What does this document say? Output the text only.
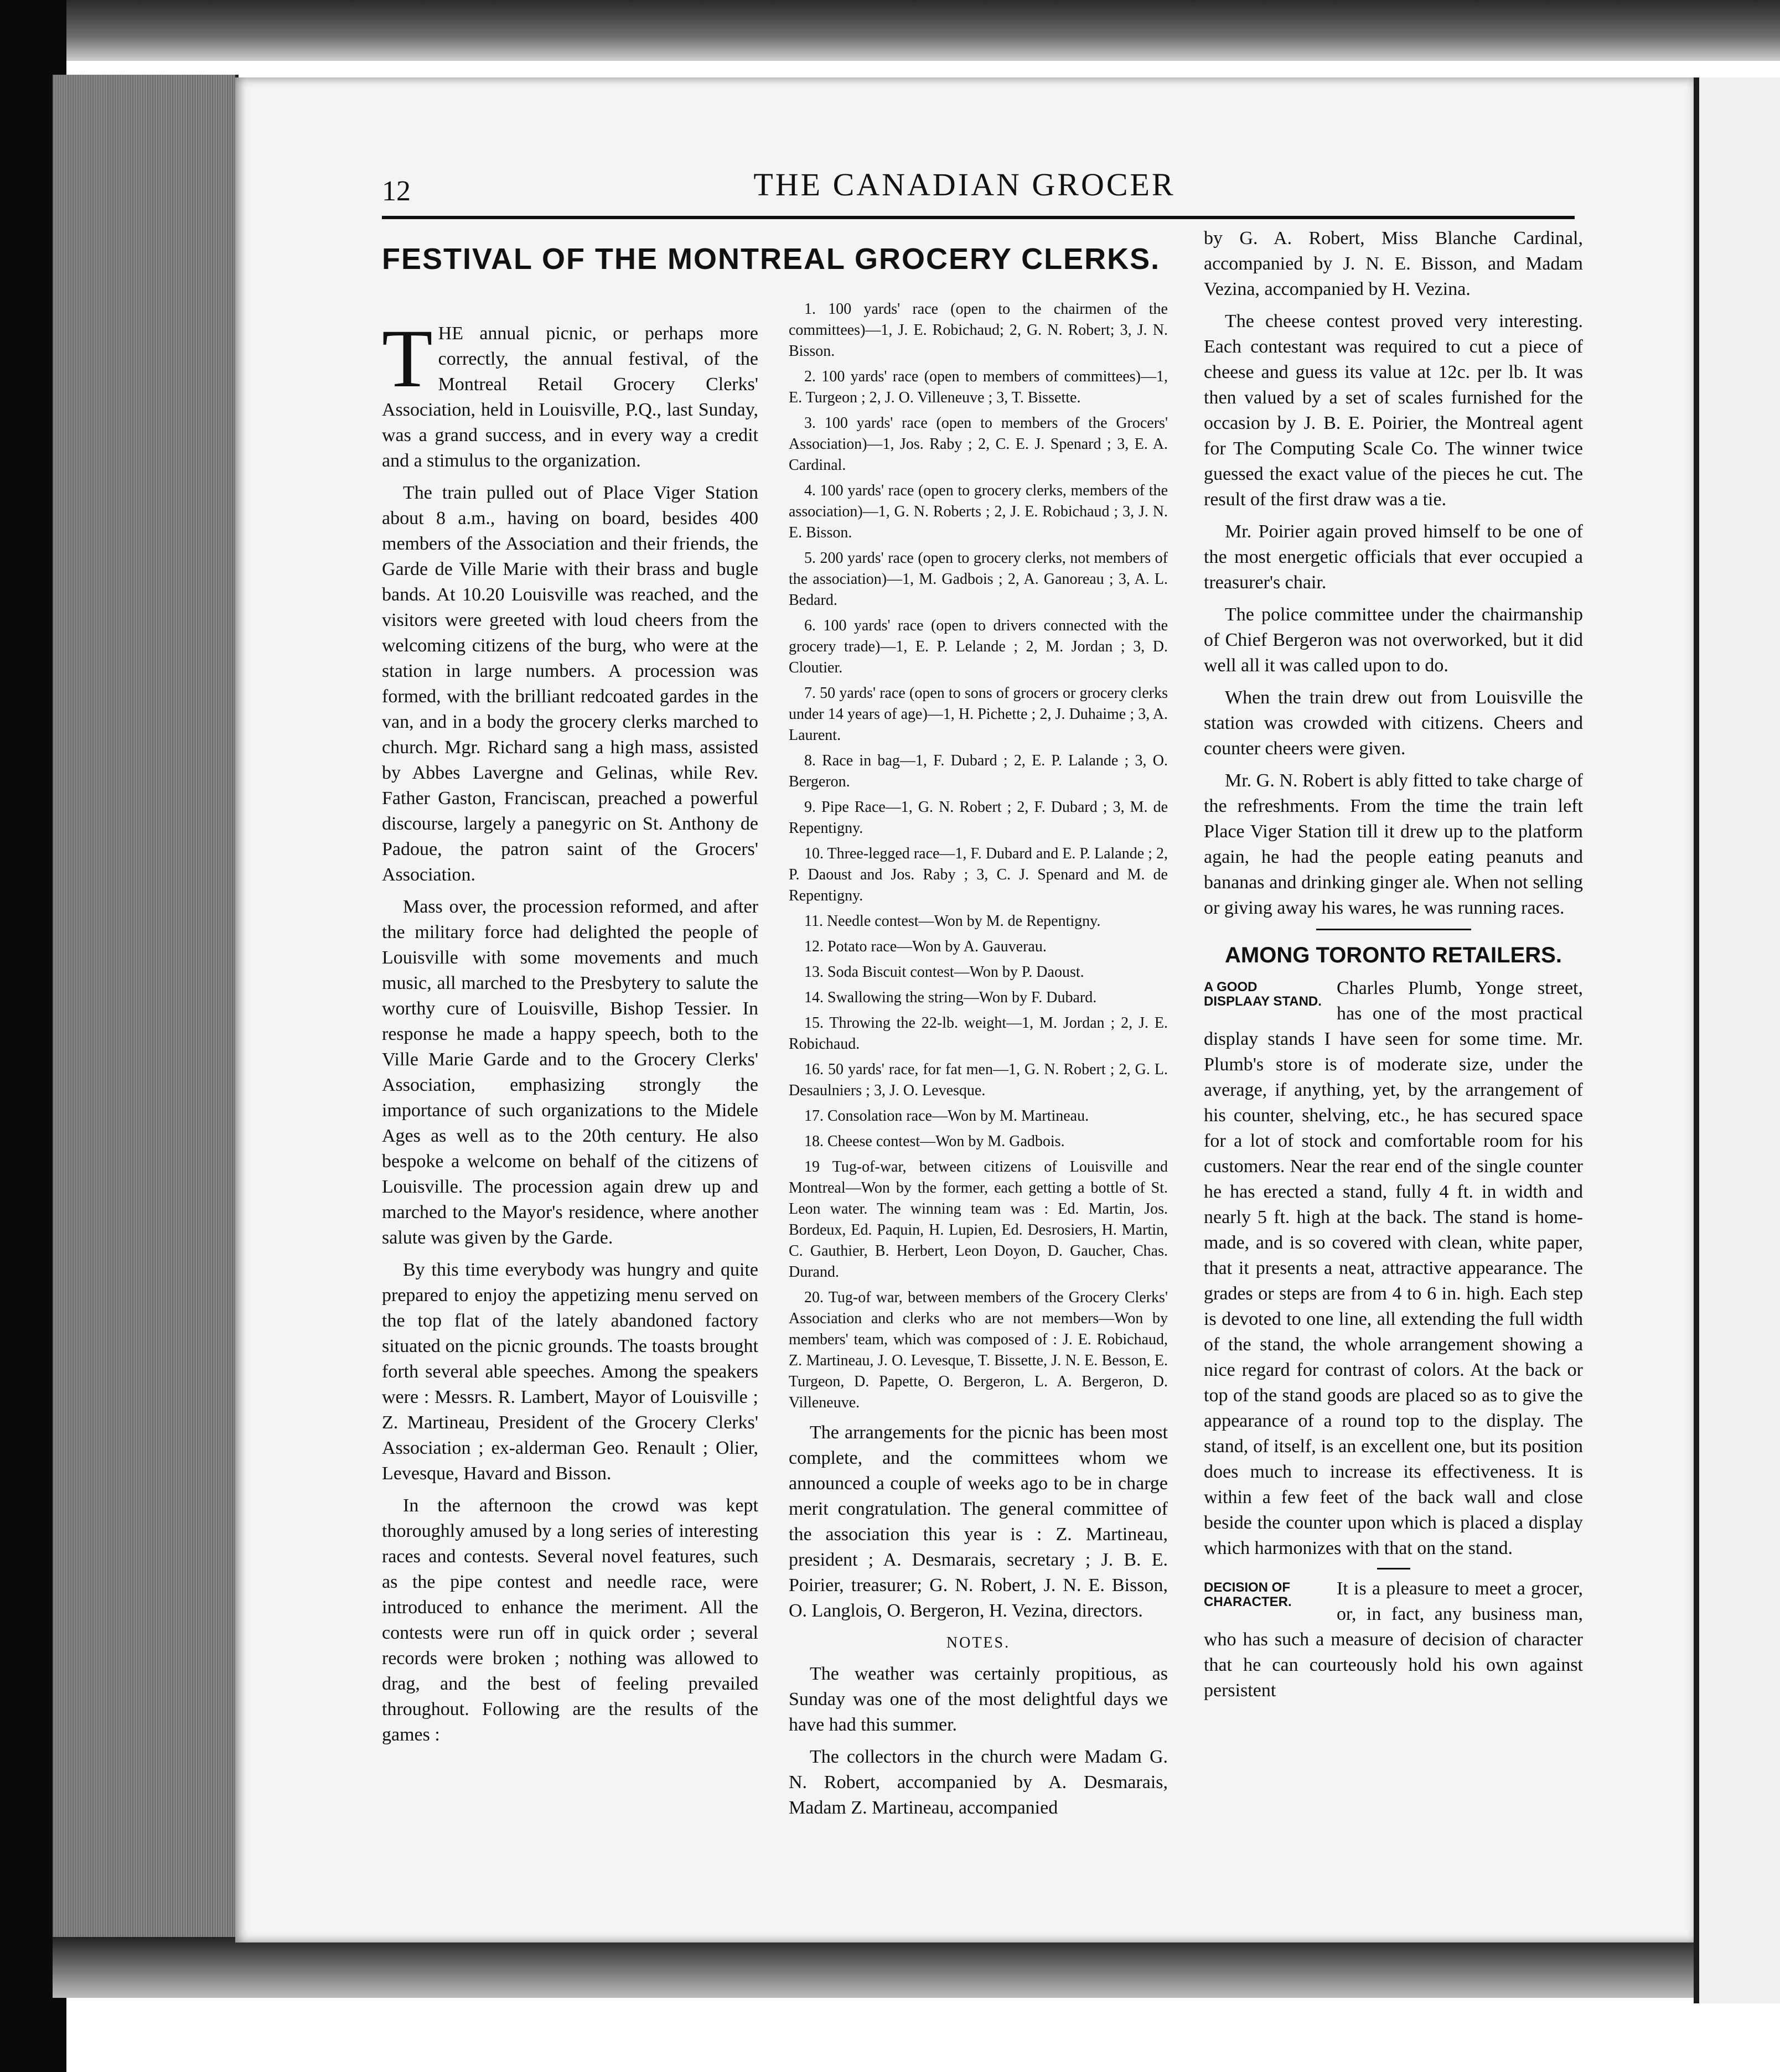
12	THE CANADIAN GROCER
FESTIVAL OF THE MONTREAL GROCERY CLERKS.

THE annual picnic, or perhaps more correctly, the annual festival, of the Montreal Retail Grocery Clerks' Association, held in Louisville, P.Q., last Sunday, was a grand success, and in every way a credit and a stimulus to the organization.

The train pulled out of Place Viger Station about 8 a.m., having on board, besides 400 members of the Association and their friends, the Garde de Ville Marie with their brass and bugle bands. At 10.20 Louisville was reached, and the visitors were greeted with loud cheers from the welcoming citizens of the burg, who were at the station in large numbers. A procession was formed, with the brilliant redcoated gardes in the van, and in a body the grocery clerks marched to church. Mgr. Richard sang a high mass, assisted by Abbes Lavergne and Gelinas, while Rev. Father Gaston, Franciscan, preached a powerful discourse, largely a panegyric on St. Anthony de Padoue, the patron saint of the Grocers' Association.

Mass over, the procession reformed, and after the military force had delighted the people of Louisville with some movements and much music, all marched to the Presbytery to salute the worthy cure of Louisville, Bishop Tessier. In response he made a happy speech, both to the Ville Marie Garde and to the Grocery Clerks' Association, emphasizing strongly the importance of such organizations to the Midele Ages as well as to the 20th century. He also bespoke a welcome on behalf of the citizens of Louisville. The procession again drew up and marched to the Mayor's residence, where another salute was given by the Garde.

By this time everybody was hungry and quite prepared to enjoy the appetizing menu served on the top flat of the lately abandoned factory situated on the picnic grounds. The toasts brought forth several able speeches. Among the speakers were : Messrs. R. Lambert, Mayor of Louisville ; Z. Martineau, President of the Grocery Clerks' Association ; ex-alderman Geo. Renault ; Olier, Levesque, Havard and Bisson.

In the afternoon the crowd was kept thoroughly amused by a long series of interesting races and contests. Several novel features, such as the pipe contest and needle race, were introduced to enhance the meriment. All the contests were run off in quick order ; several records were broken ; nothing was allowed to drag, and the best of feeling prevailed throughout. Following are the results of the games :

1. 100 yards' race (open to the chairmen of the committees)—1, J. E. Robichaud; 2, G. N. Robert; 3, J. N. Bisson.
2. 100 yards' race (open to members of committees)—1, E. Turgeon ; 2, J. O. Villeneuve ; 3, T. Bissette.
3. 100 yards' race (open to members of the Grocers' Association)—1, Jos. Raby ; 2, C. E. J. Spenard ; 3, E. A. Cardinal.
4. 100 yards' race (open to grocery clerks, members of the association)—1, G. N. Roberts ; 2, J. E. Robichaud ; 3, J. N. E. Bisson.
5. 200 yards' race (open to grocery clerks, not members of the association)—1, M. Gadbois ; 2, A. Ganoreau ; 3, A. L. Bedard.
6. 100 yards' race (open to drivers connected with the grocery trade)—1, E. P. Lelande ; 2, M. Jordan ; 3, D. Cloutier.
7. 50 yards' race (open to sons of grocers or grocery clerks under 14 years of age)—1, H. Pichette ; 2, J. Duhaime ; 3, A. Laurent.
8. Race in bag—1, F. Dubard ; 2, E. P. Lalande ; 3, O. Bergeron.
9. Pipe Race—1, G. N. Robert ; 2, F. Dubard ; 3, M. de Repentigny.
10. Three-legged race—1, F. Dubard and E. P. Lalande ; 2, P. Daoust and Jos. Raby ; 3, C. J. Spenard and M. de Repentigny.
11. Needle contest—Won by M. de Repentigny.
12. Potato race—Won by A. Gauverau.
13. Soda Biscuit contest—Won by P. Daoust.
14. Swallowing the string—Won by F. Dubard.
15. Throwing the 22-lb. weight—1, M. Jordan ; 2, J. E. Robichaud.
16. 50 yards' race, for fat men—1, G. N. Robert ; 2, G. L. Desaulniers ; 3, J. O. Levesque.
17. Consolation race—Won by M. Martineau.
18. Cheese contest—Won by M. Gadbois.
19 Tug-of-war, between citizens of Louisville and Montreal—Won by the former, each getting a bottle of St. Leon water. The winning team was : Ed. Martin, Jos. Bordeux, Ed. Paquin, H. Lupien, Ed. Desrosiers, H. Martin, C. Gauthier, B. Herbert, Leon Doyon, D. Gaucher, Chas. Durand.
20. Tug-of war, between members of the Grocery Clerks' Association and clerks who are not members—Won by members' team, which was composed of : J. E. Robichaud, Z. Martineau, J. O. Levesque, T. Bissette, J. N. E. Besson, E. Turgeon, D. Papette, O. Bergeron, L. A. Bergeron, D. Villeneuve.

The arrangements for the picnic has been most complete, and the committees whom we announced a couple of weeks ago to be in charge merit congratulation. The general committee of the association this year is : Z. Martineau, president ; A. Desmarais, secretary ; J. B. E. Poirier, treasurer; G. N. Robert, J. N. E. Bisson, O. Langlois, O. Bergeron, H. Vezina, directors.

NOTES.

The weather was certainly propitious, as Sunday was one of the most delightful days we have had this summer.

The collectors in the church were Madam G. N. Robert, accompanied by A. Desmarais, Madam Z. Martineau, accompanied

by G. A. Robert, Miss Blanche Cardinal, accompanied by J. N. E. Bisson, and Madam Vezina, accompanied by H. Vezina.

The cheese contest proved very interesting. Each contestant was required to cut a piece of cheese and guess its value at 12c. per lb. It was then valued by a set of scales furnished for the occasion by J. B. E. Poirier, the Montreal agent for The Computing Scale Co. The winner twice guessed the exact value of the pieces he cut. The result of the first draw was a tie.

Mr. Poirier again proved himself to be one of the most energetic officials that ever occupied a treasurer's chair.

The police committee under the chairmanship of Chief Bergeron was not overworked, but it did well all it was called upon to do.

When the train drew out from Louisville the station was crowded with citizens. Cheers and counter cheers were given.

Mr. G. N. Robert is ably fitted to take charge of the refreshments. From the time the train left Place Viger Station till it drew up to the platform again, he had the people eating peanuts and bananas and drinking ginger ale. When not selling or giving away his wares, he was running races.

AMONG TORONTO RETAILERS.

A GOOD DISPLAAY STAND.
Charles Plumb, Yonge street, has one of the most practical display stands I have seen for some time. Mr. Plumb's store is of moderate size, under the average, if anything, yet, by the arrangement of his counter, shelving, etc., he has secured space for a lot of stock and comfortable room for his customers. Near the rear end of the single counter he has erected a stand, fully 4 ft. in width and nearly 5 ft. high at the back. The stand is home-made, and is so covered with clean, white paper, that it presents a neat, attractive appearance. The grades or steps are from 4 to 6 in. high. Each step is devoted to one line, all extending the full width of the stand, the whole arrangement showing a nice regard for contrast of colors. At the back or top of the stand goods are placed so as to give the appearance of a round top to the display. The stand, of itself, is an excellent one, but its position does much to increase its effectiveness. It is within a few feet of the back wall and close beside the counter upon which is placed a display which harmonizes with that on the stand.

DECISION OF CHARACTER.
It is a pleasure to meet a grocer, or, in fact, any business man, who has such a measure of decision of character that he can courteously hold his own against persistent
